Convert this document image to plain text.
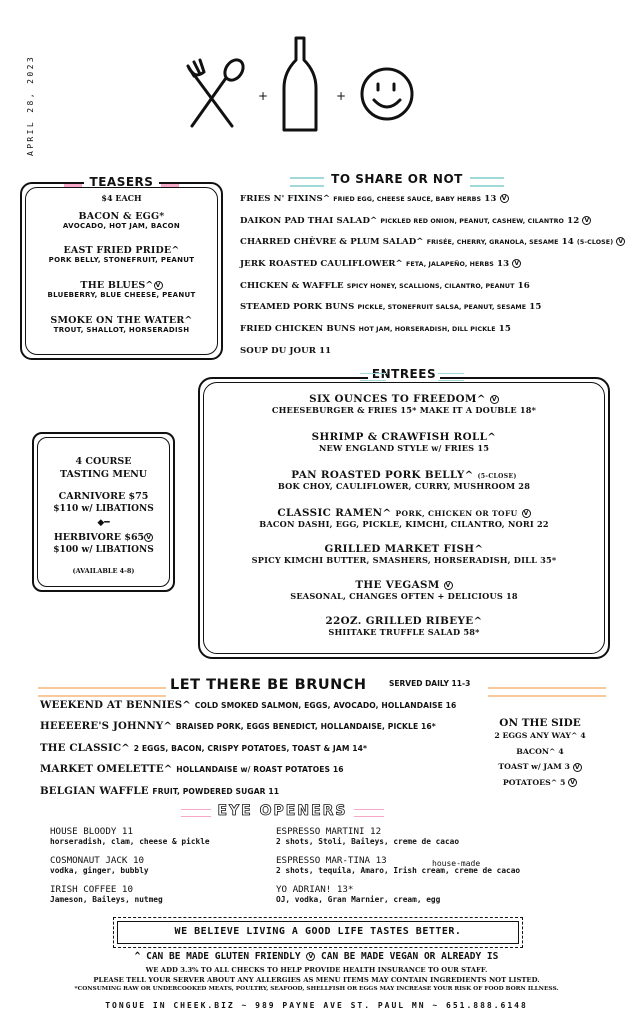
APRIL 28, 2023	+	+
TEASERS
$4 EACH
BACON & EGG*
AVOCADO, HOT JAM, BACON
EAST FRIED PRIDE^
PORK BELLY, STONEFRUIT, PEANUT
THE BLUES^ V
BLUEBERRY, BLUE CHEESE, PEANUT
SMOKE ON THE WATER^
TROUT, SHALLOT, HORSERADISH
TO SHARE OR NOT
FRIES N' FIXINS^ FRIED EGG, CHEESE SAUCE, BABY HERBS 13 V
DAIKON PAD THAI SALAD^ PICKLED RED ONION, PEANUT, CASHEW, CILANTRO 12 V
CHARRED CHÈVRE & PLUM SALAD^ FRISÉE, CHERRY, GRANOLA, SESAME 14 (5-CLOSE) V
JERK ROASTED CAULIFLOWER^ FETA, JALAPEÑO, HERBS 13 V
CHICKEN & WAFFLE SPICY HONEY, SCALLIONS, CILANTRO, PEANUT 16
STEAMED PORK BUNS PICKLE, STONEFRUIT SALSA, PEANUT, SESAME 15
FRIED CHICKEN BUNS HOT JAM, HORSERADISH, DILL PICKLE 15
SOUP DU JOUR 11
4 COURSE
TASTING MENU
CARNIVORE $75
$110 w/ LIBATIONS
◆━
HERBIVORE $65 V
$100 w/ LIBATIONS
(AVAILABLE 4-8)
ENTREES
SIX OUNCES TO FREEDOM^ V
CHEESEBURGER & FRIES 15* MAKE IT A DOUBLE 18*
SHRIMP & CRAWFISH ROLL^
NEW ENGLAND STYLE w/ FRIES 15
PAN ROASTED PORK BELLY^ (5-CLOSE)
BOK CHOY, CAULIFLOWER, CURRY, MUSHROOM 28
CLASSIC RAMEN^ PORK, CHICKEN OR TOFU V
BACON DASHI, EGG, PICKLE, KIMCHI, CILANTRO, NORI 22
GRILLED MARKET FISH^
SPICY KIMCHI BUTTER, SMASHERS, HORSERADISH, DILL 35*
THE VEGASM V
SEASONAL, CHANGES OFTEN + DELICIOUS 18
22OZ. GRILLED RIBEYE^
SHIITAKE TRUFFLE SALAD 58*
LET THERE BE BRUNCH	SERVED DAILY 11-3
WEEKEND AT BENNIES^ COLD SMOKED SALMON, EGGS, AVOCADO, HOLLANDAISE 16
HEEEERE'S JOHNNY^ BRAISED PORK, EGGS BENEDICT, HOLLANDAISE, PICKLE 16*
THE CLASSIC^ 2 EGGS, BACON, CRISPY POTATOES, TOAST & JAM 14*
MARKET OMELETTE^ HOLLANDAISE w/ ROAST POTATOES 16
BELGIAN WAFFLE FRUIT, POWDERED SUGAR 11
ON THE SIDE
2 EGGS ANY WAY^ 4
BACON^ 4
TOAST w/ JAM 3 V
POTATOES^ 5 V
EYE OPENERS
HOUSE BLOODY 11
horseradish, clam, cheese & pickle
COSMONAUT JACK 10
vodka, ginger, bubbly
IRISH COFFEE 10
Jameson, Baileys, nutmeg
ESPRESSO MARTINI 12
2 shots, Stoli, Baileys, creme de cacao
ESPRESSO MAR-TINA 13
2 shots, tequila, Amaro, Irish cream, creme de cacao
YO ADRIAN! 13*
OJ, vodka, Gran Marnier, cream, egg
house-made
WE BELIEVE LIVING A GOOD LIFE TASTES BETTER.
^ CAN BE MADE GLUTEN FRIENDLY V CAN BE MADE VEGAN OR ALREADY IS
WE ADD 3.3% TO ALL CHECKS TO HELP PROVIDE HEALTH INSURANCE TO OUR STAFF.
PLEASE TELL YOUR SERVER ABOUT ANY ALLERGIES AS MENU ITEMS MAY CONTAIN INGREDIENTS NOT LISTED.
*CONSUMING RAW OR UNDERCOOKED MEATS, POULTRY, SEAFOOD, SHELLFISH OR EGGS MAY INCREASE YOUR RISK OF FOOD BORN ILLNESS.
TONGUE IN CHEEK.BIZ ~ 989 PAYNE AVE ST. PAUL MN ~ 651.888.6148
